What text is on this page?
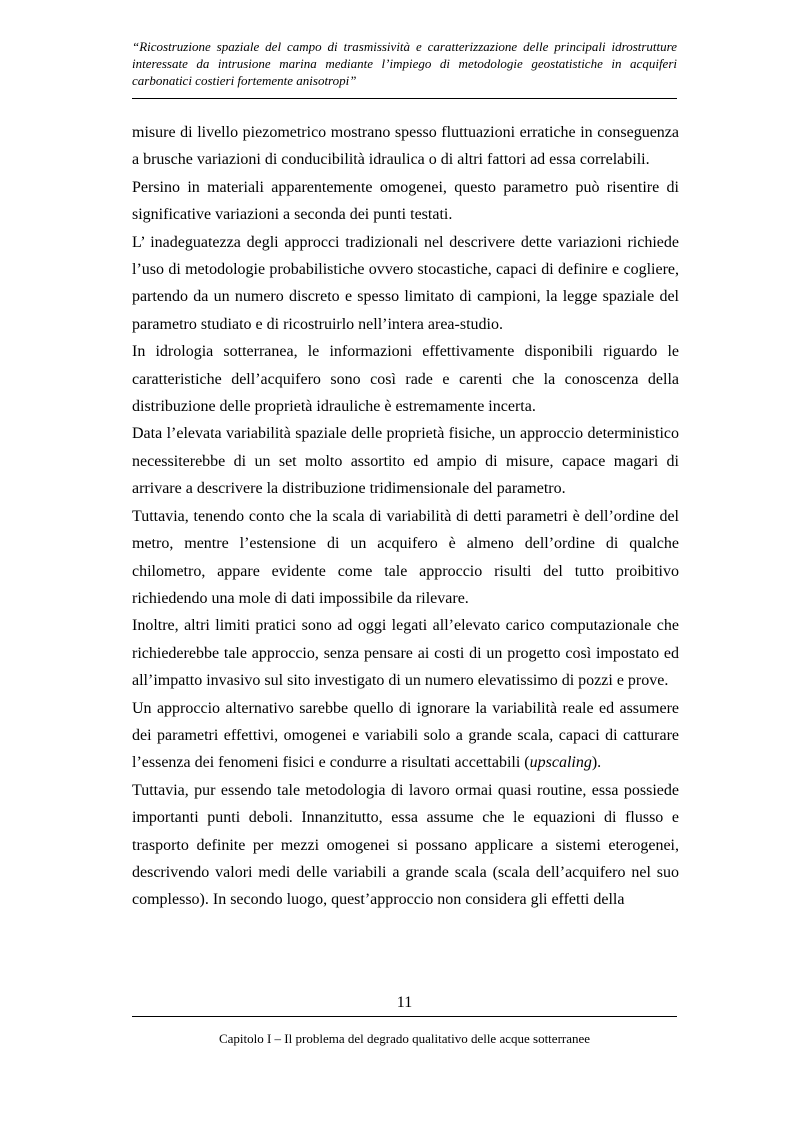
“Ricostruzione spaziale del campo di trasmissività e caratterizzazione delle principali idrostrutture interessate da intrusione marina mediante l’impiego di metodologie geostatistiche in acquiferi carbonatici costieri fortemente anisotropi”

misure di livello piezometrico mostrano spesso fluttuazioni erratiche in conseguenza a brusche variazioni di conducibilità idraulica o di altri fattori ad essa correlabili.

Persino in materiali apparentemente omogenei, questo parametro può risentire di significative variazioni a seconda dei punti testati.

L’ inadeguatezza degli approcci tradizionali nel descrivere dette variazioni richiede l’uso di metodologie probabilistiche ovvero stocastiche, capaci di definire e cogliere, partendo da un numero discreto e spesso limitato di campioni, la legge spaziale del parametro studiato e di ricostruirlo nell’intera area-studio.

In idrologia sotterranea, le informazioni effettivamente disponibili riguardo le caratteristiche dell’acquifero sono così rade e carenti che la conoscenza della distribuzione delle proprietà idrauliche è estremamente incerta.

Data l’elevata variabilità spaziale delle proprietà fisiche, un approccio deterministico necessiterebbe di un set molto assortito ed ampio di misure, capace magari di arrivare a descrivere la distribuzione tridimensionale del parametro.

Tuttavia, tenendo conto che la scala di variabilità di detti parametri è dell’ordine del metro, mentre l’estensione di un acquifero è almeno dell’ordine di qualche chilometro, appare evidente come tale approccio risulti del tutto proibitivo richiedendo una mole di dati impossibile da rilevare.

Inoltre, altri limiti pratici sono ad oggi legati all’elevato carico computazionale che richiederebbe tale approccio, senza pensare ai costi di un progetto così impostato ed all’impatto invasivo sul sito investigato di un numero elevatissimo di pozzi e prove.

Un approccio alternativo sarebbe quello di ignorare la variabilità reale ed assumere dei parametri effettivi, omogenei e variabili solo a grande scala, capaci di catturare l’essenza dei fenomeni fisici e condurre a risultati accettabili (upscaling).

Tuttavia, pur essendo tale metodologia di lavoro ormai quasi routine, essa possiede importanti punti deboli. Innanzitutto, essa assume che le equazioni di flusso e trasporto definite per mezzi omogenei si possano applicare a sistemi eterogenei, descrivendo valori medi delle variabili a grande scala (scala dell’acquifero nel suo complesso). In secondo luogo, quest’approccio non considera gli effetti della

11
Capitolo I – Il problema del degrado qualitativo delle acque sotterranee
